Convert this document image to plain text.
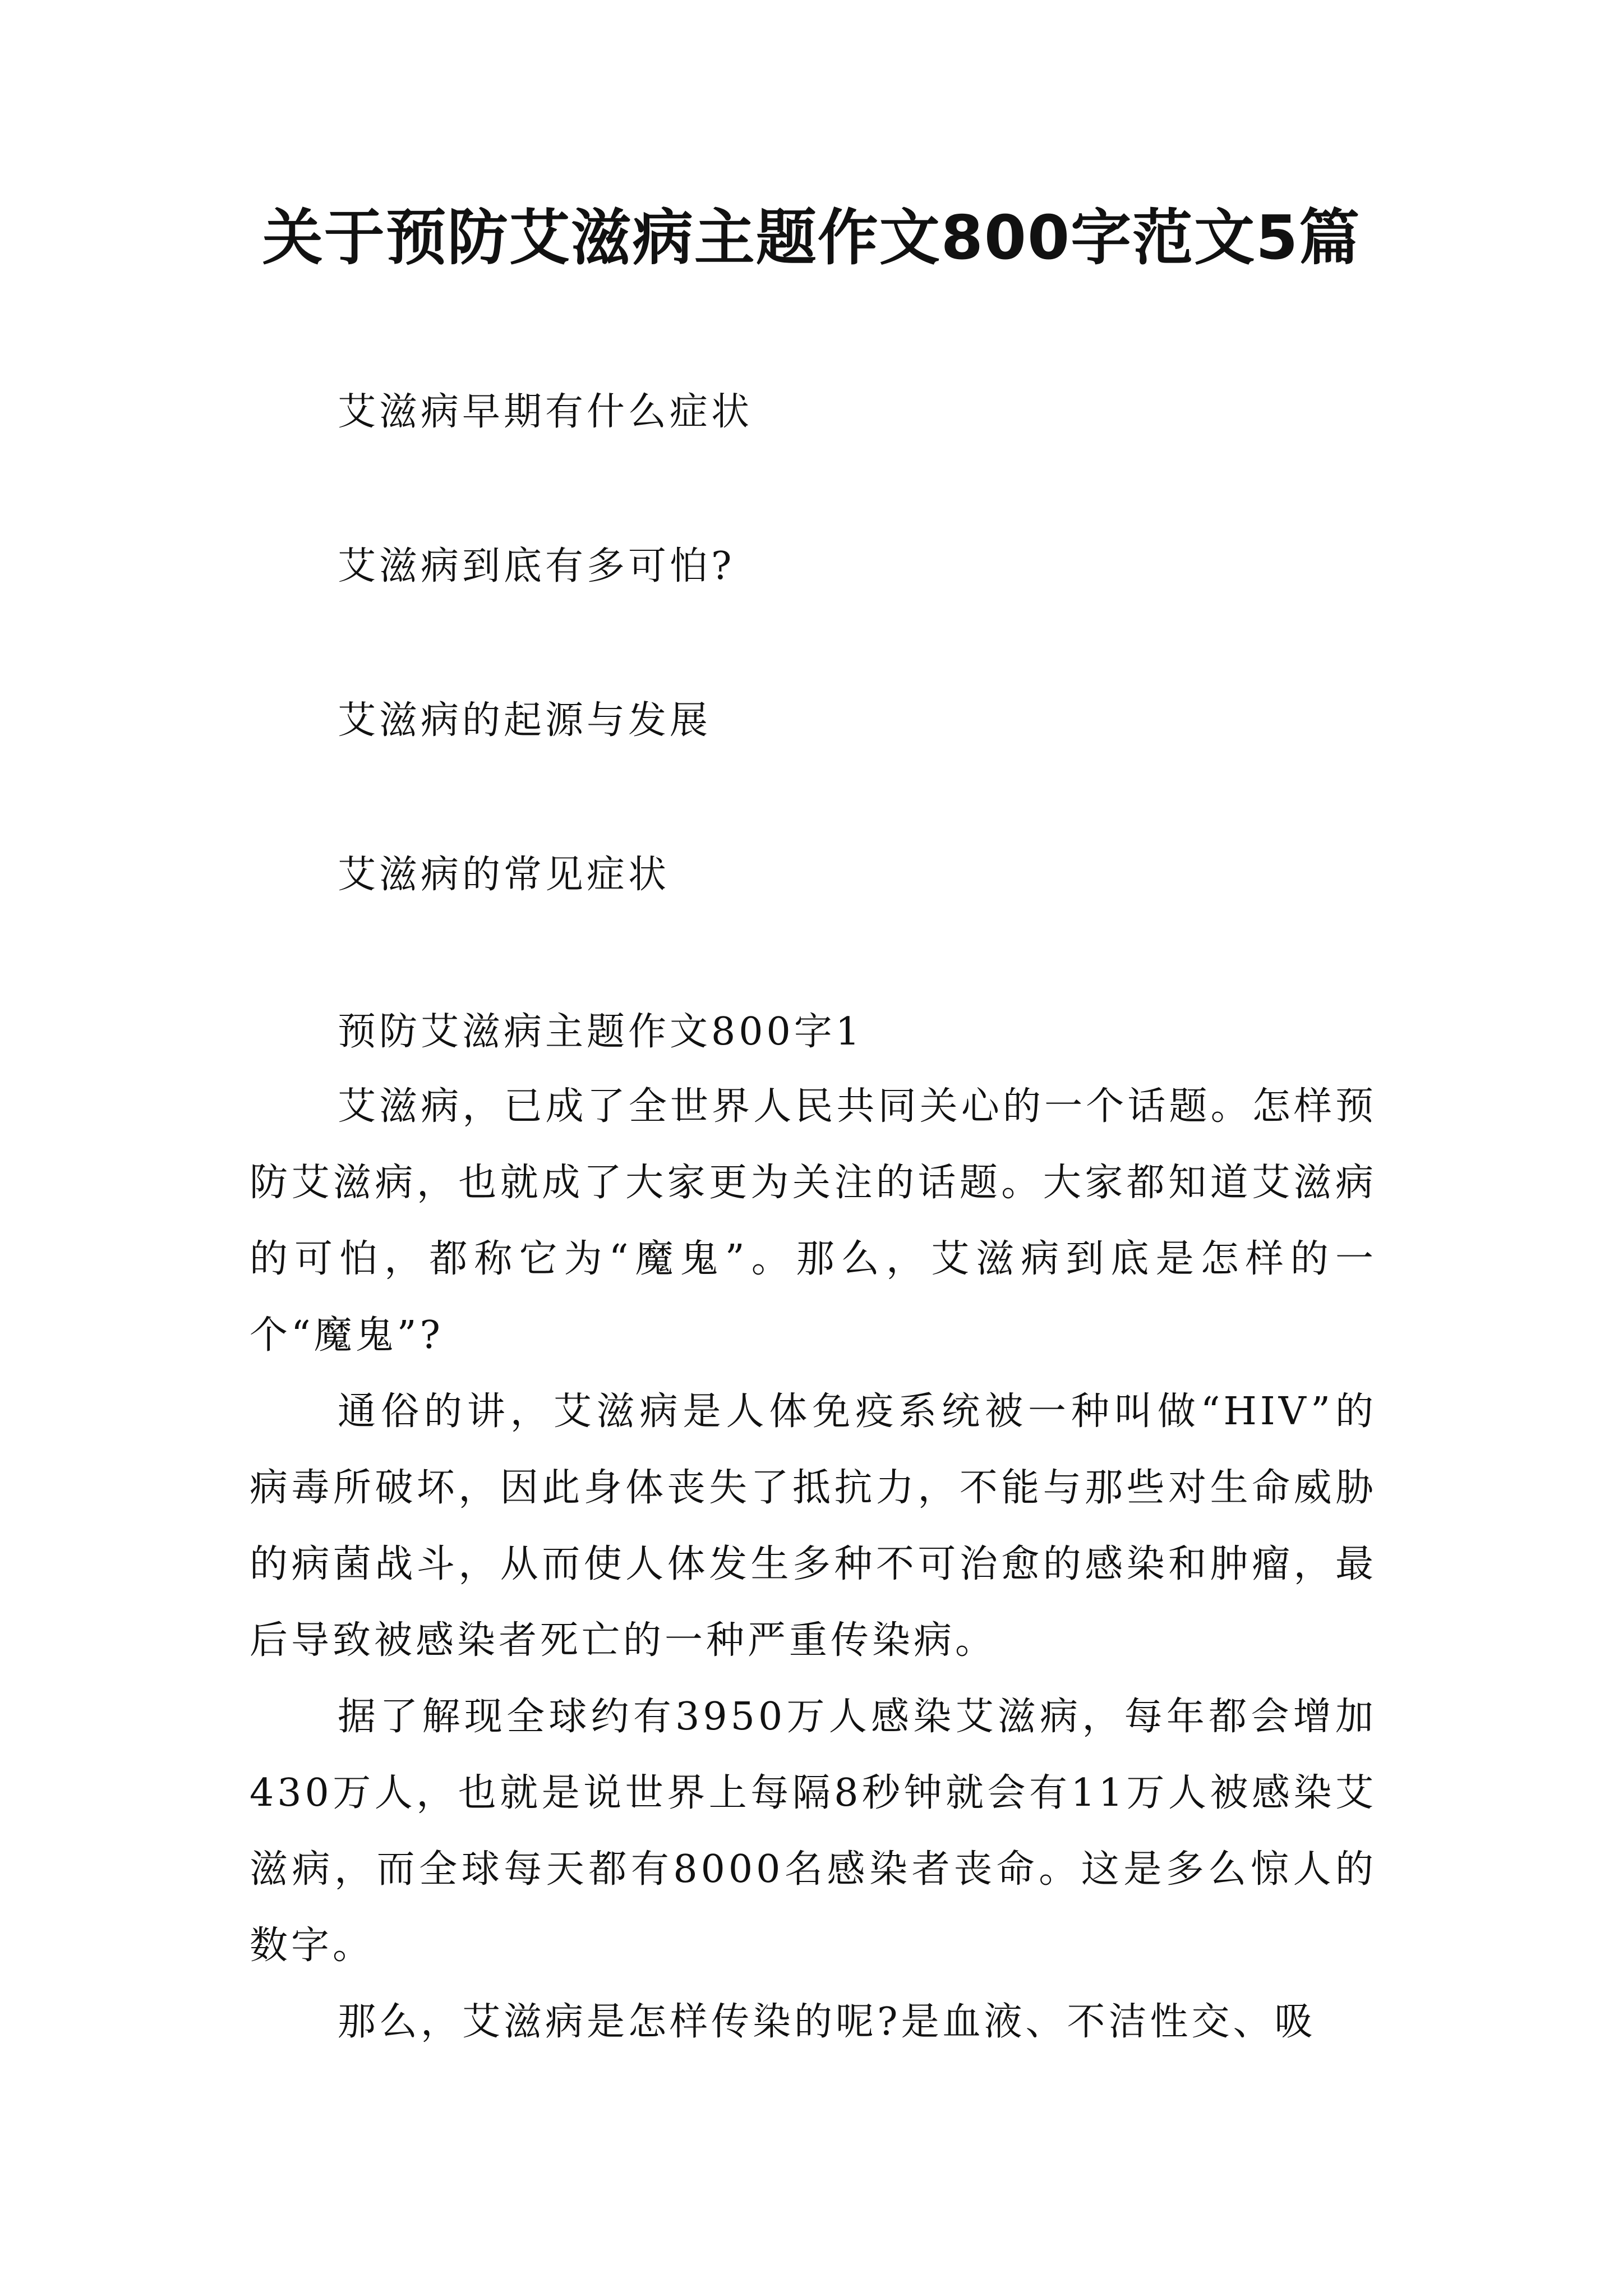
关于预防艾滋病主题作文800字范文5篇
艾滋病早期有什么症状
艾滋病到底有多可怕?
艾滋病的起源与发展
艾滋病的常见症状
预防艾滋病主题作文800字1

艾滋病，已成了全世界人民共同关心的一个话题。怎样预防艾滋病，也就成了大家更为关注的话题。大家都知道艾滋病的可怕，都称它为“魔鬼”。那么，艾滋病到底是怎样的一个“魔鬼”?

通俗的讲，艾滋病是人体免疫系统被一种叫做“HIV”的病毒所破坏，因此身体丧失了抵抗力，不能与那些对生命威胁的病菌战斗，从而使人体发生多种不可治愈的感染和肿瘤，最后导致被感染者死亡的一种严重传染病。

据了解现全球约有3950万人感染艾滋病，每年都会增加430万人，也就是说世界上每隔8秒钟就会有11万人被感染艾滋病，而全球每天都有8000名感染者丧命。这是多么惊人的数字。

那么，艾滋病是怎样传染的呢?是血液、不洁性交、吸
